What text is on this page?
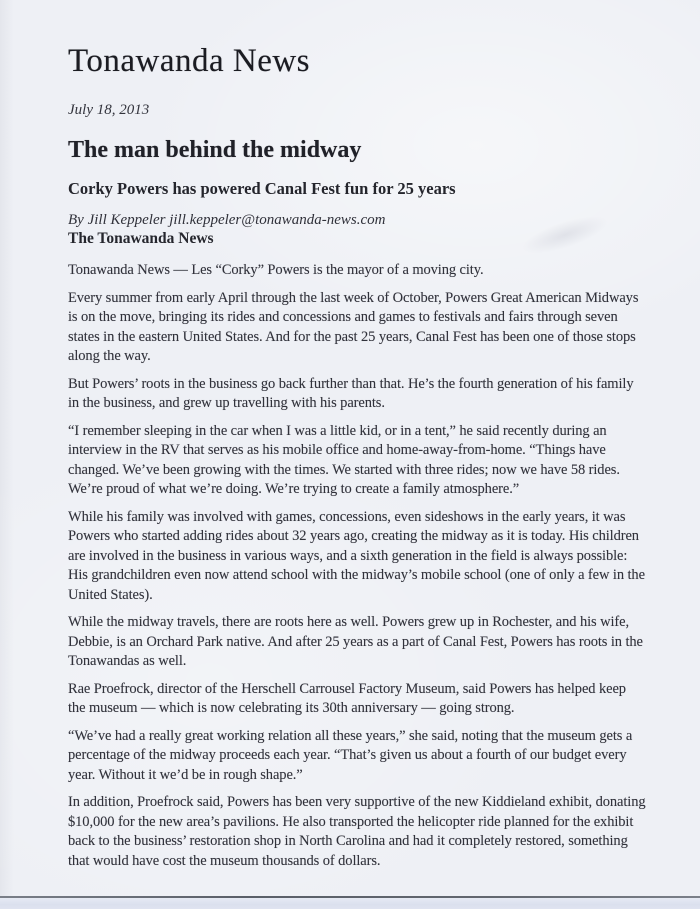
Tonawanda News
July 18, 2013
The man behind the midway
Corky Powers has powered Canal Fest fun for 25 years
By Jill Keppeler jill.keppeler@tonawanda-news.com
The Tonawanda News

Tonawanda News — Les “Corky” Powers is the mayor of a moving city.

Every summer from early April through the last week of October, Powers Great American Midways is on the move, bringing its rides and concessions and games to festivals and fairs through seven states in the eastern United States. And for the past 25 years, Canal Fest has been one of those stops along the way.

But Powers’ roots in the business go back further than that. He’s the fourth generation of his family in the business, and grew up travelling with his parents.

“I remember sleeping in the car when I was a little kid, or in a tent,” he said recently during an interview in the RV that serves as his mobile office and home-away-from-home. “Things have changed. We’ve been growing with the times. We started with three rides; now we have 58 rides. We’re proud of what we’re doing. We’re trying to create a family atmosphere.”

While his family was involved with games, concessions, even sideshows in the early years, it was Powers who started adding rides about 32 years ago, creating the midway as it is today. His children are involved in the business in various ways, and a sixth generation in the field is always possible: His grandchildren even now attend school with the midway’s mobile school (one of only a few in the United States).

While the midway travels, there are roots here as well. Powers grew up in Rochester, and his wife, Debbie, is an Orchard Park native. And after 25 years as a part of Canal Fest, Powers has roots in the Tonawandas as well.

Rae Proefrock, director of the Herschell Carrousel Factory Museum, said Powers has helped keep the museum — which is now celebrating its 30th anniversary — going strong.

“We’ve had a really great working relation all these years,” she said, noting that the museum gets a percentage of the midway proceeds each year. “That’s given us about a fourth of our budget every year. Without it we’d be in rough shape.”

In addition, Proefrock said, Powers has been very supportive of the new Kiddieland exhibit, donating $10,000 for the new area’s pavilions. He also transported the helicopter ride planned for the exhibit back to the business’ restoration shop in North Carolina and had it completely restored, something that would have cost the museum thousands of dollars.
